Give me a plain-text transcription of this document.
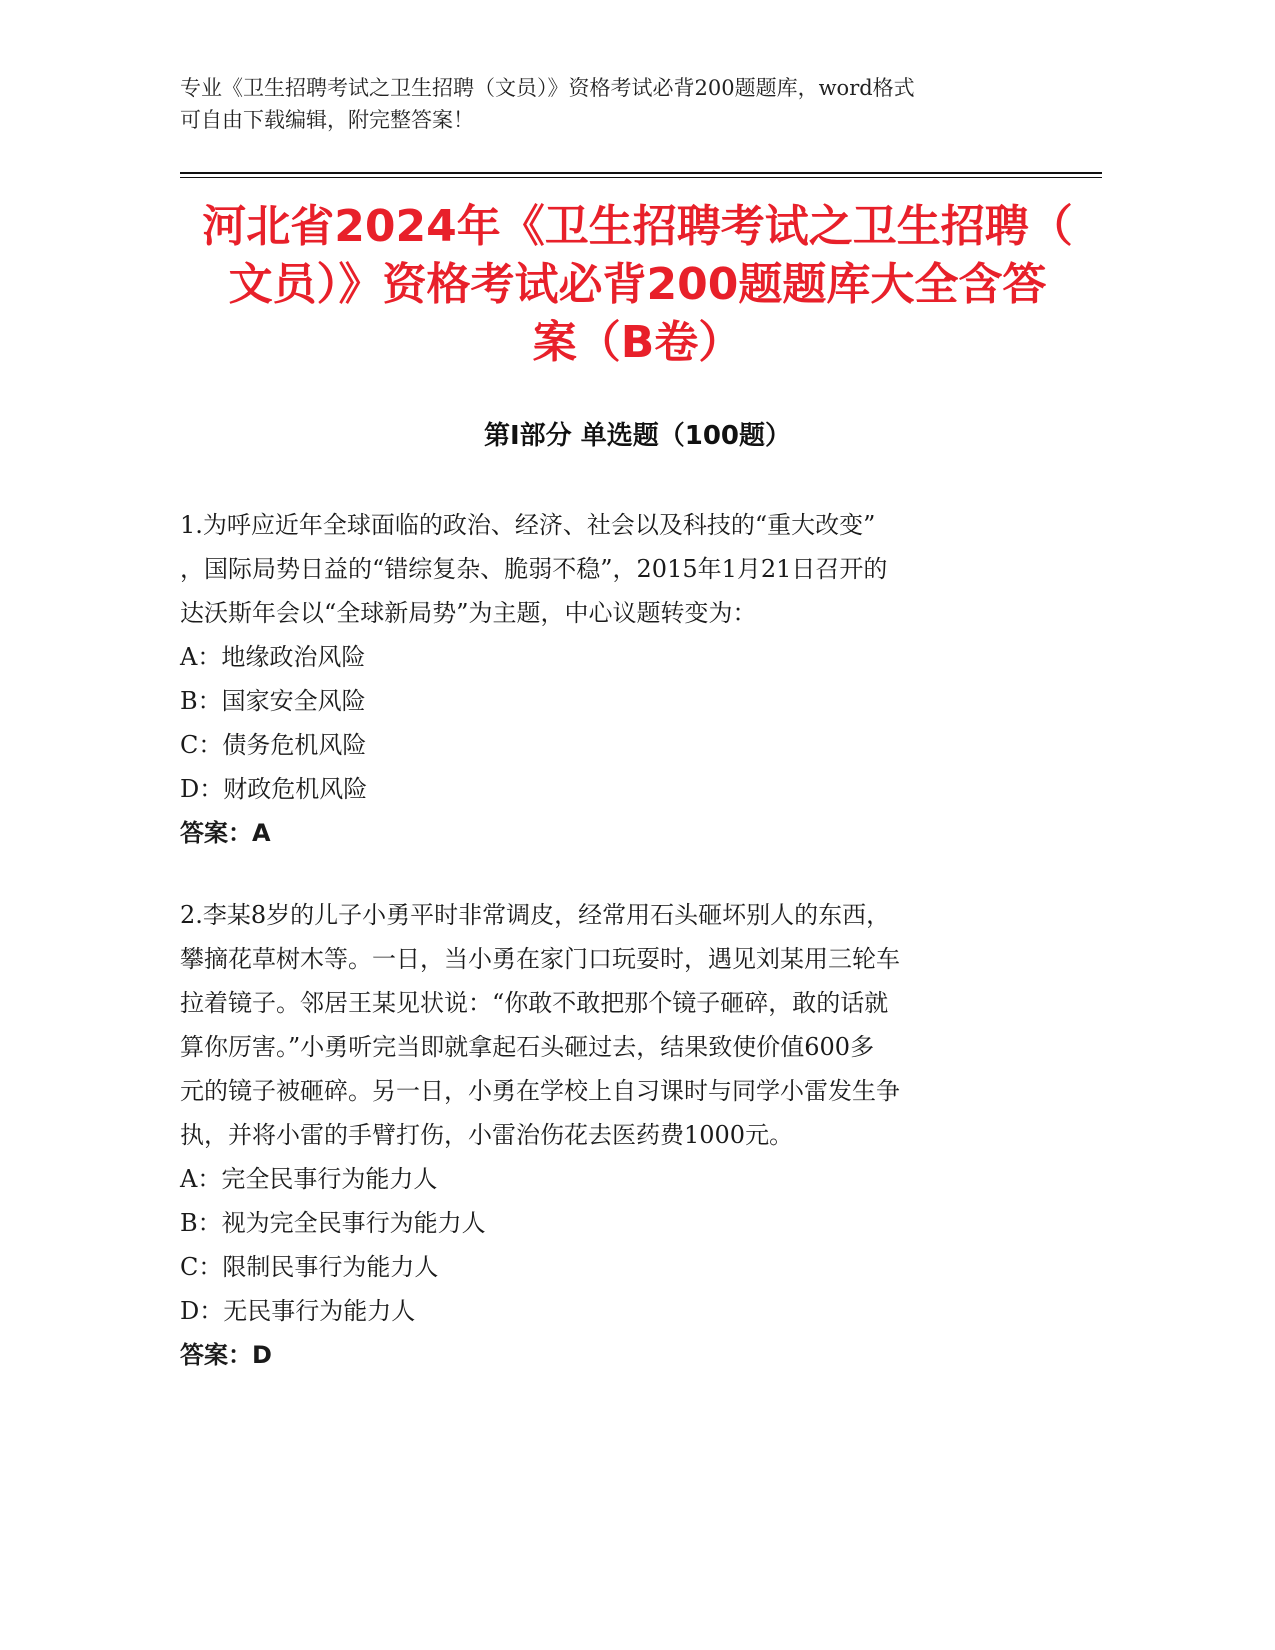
专业《卫生招聘考试之卫生招聘（文员）》资格考试必背200题题库，word格式
可自由下载编辑，附完整答案！
河北省2024年《卫生招聘考试之卫生招聘（
文员）》资格考试必背200题题库大全含答
案（B卷）
第Ⅰ部分 单选题（100题）
1.为呼应近年全球面临的政治、经济、社会以及科技的“重大改变”
，国际局势日益的“错综复杂、脆弱不稳”，2015年1月21日召开的
达沃斯年会以“全球新局势”为主题，中心议题转变为：
A：地缘政治风险
B：国家安全风险
C：债务危机风险
D：财政危机风险
答案：A
2.李某8岁的儿子小勇平时非常调皮，经常用石头砸坏别人的东西，
攀摘花草树木等。一日，当小勇在家门口玩耍时，遇见刘某用三轮车
拉着镜子。邻居王某见状说：“你敢不敢把那个镜子砸碎，敢的话就
算你厉害。”小勇听完当即就拿起石头砸过去，结果致使价值600多
元的镜子被砸碎。另一日，小勇在学校上自习课时与同学小雷发生争
执，并将小雷的手臂打伤，小雷治伤花去医药费1000元。
A：完全民事行为能力人
B：视为完全民事行为能力人
C：限制民事行为能力人
D：无民事行为能力人
答案：D
